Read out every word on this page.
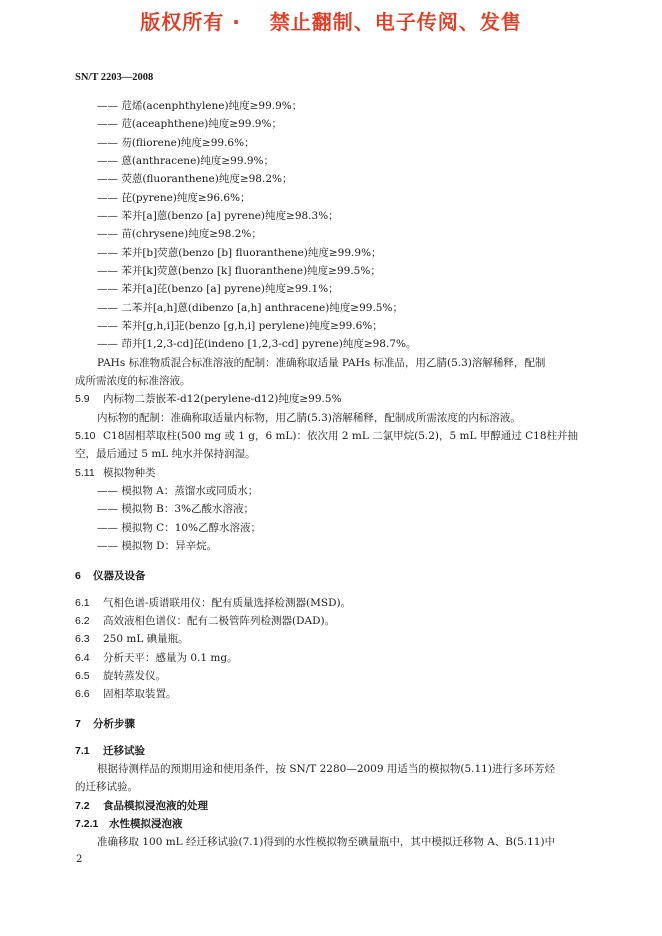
版权所有 ·　 禁止翻制、电子传阅、发售
SN/T 2203—2008
—— 苊烯(acenphthylene)纯度≥99.9%；
—— 苊(aceaphthene)纯度≥99.9%；
—— 芴(fliorene)纯度≥99.6%；
—— 蒽(anthracene)纯度≥99.9%；
—— 荧蒽(fluoranthene)纯度≥98.2%；
—— 芘(pyrene)纯度≥96.6%；
—— 苯并[a]蒽(benzo [a] pyrene)纯度≥98.3%；
—— 苗(chrysene)纯度≥98.2%；
—— 苯并[b]荧蒽(benzo [b] fluoranthene)纯度≥99.9%；
—— 苯并[k]荧蒽(benzo [k] fluoranthene)纯度≥99.5%；
—— 苯并[a]芘(benzo [a] pyrene)纯度≥99.1%；
—— 二苯并[a,h]蒽(dibenzo [a,h] anthracene)纯度≥99.5%；
—— 苯并[g,h,i]苝(benzo [g,h,i] perylene)纯度≥99.6%；
—— 茚并[1,2,3-cd]芘(indeno [1,2,3-cd] pyrene)纯度≥98.7%。
PAHs 标准物质混合标准溶液的配制：准确称取适量 PAHs 标准品，用乙腈(5.3)溶解稀释，配制
成所需浓度的标准溶液。
5.9 内标物二萘嵌苯-d12(perylene-d12)纯度≥99.5%
内标物的配制：准确称取适量内标物，用乙腈(5.3)溶解稀释，配制成所需浓度的内标溶液。
5.10 C18固相萃取柱(500 mg 或 1 g，6 mL)：依次用 2 mL 二氯甲烷(5.2)，5 mL 甲醇通过 C18柱并抽
空，最后通过 5 mL 纯水并保持润湿。
5.11 模拟物种类
—— 模拟物 A：蒸馏水或同质水；
—— 模拟物 B：3%乙酸水溶液；
—— 模拟物 C：10%乙醇水溶液；
—— 模拟物 D：异辛烷。
6 仪器及设备
6.1 气相色谱-质谱联用仪：配有质量选择检测器(MSD)。
6.2 高效液相色谱仪：配有二极管阵列检测器(DAD)。
6.3 250 mL 碘量瓶。
6.4 分析天平：感量为 0.1 mg。
6.5 旋转蒸发仪。
6.6 固相萃取装置。
7 分析步骤
7.1 迁移试验
根据待测样品的预期用途和使用条件，按 SN/T 2280—2009 用适当的模拟物(5.11)进行多环芳烃
的迁移试验。
7.2 食品模拟浸泡液的处理
7.2.1 水性模拟浸泡液
准确移取 100 mL 经迁移试验(7.1)得到的水性模拟物至碘量瓶中，其中模拟迁移物 A、B(5.11)中
2
